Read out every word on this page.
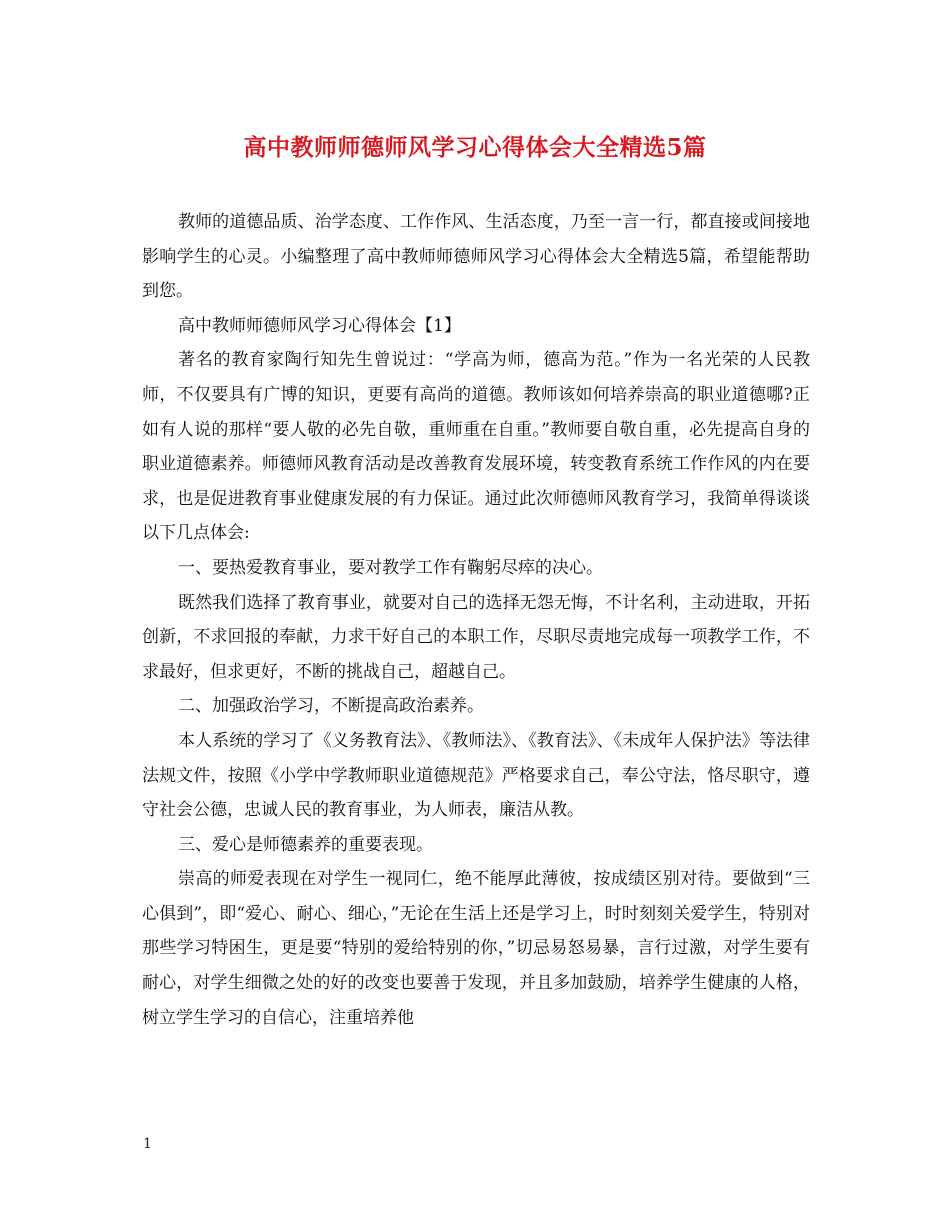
高中教师师德师风学习心得体会大全精选5篇

教师的道德品质、治学态度、工作作风、生活态度，乃至一言一行，都直接或间接地影响学生的心灵。小编整理了高中教师师德师风学习心得体会大全精选5篇，希望能帮助到您。

高中教师师德师风学习心得体会【1】

著名的教育家陶行知先生曾说过：“学高为师，德高为范。”作为一名光荣的人民教师，不仅要具有广博的知识，更要有高尚的道德。教师该如何培养崇高的职业道德哪?正如有人说的那样“要人敬的必先自敬，重师重在自重。”教师要自敬自重，必先提高自身的职业道德素养。师德师风教育活动是改善教育发展环境，转变教育系统工作作风的内在要求，也是促进教育事业健康发展的有力保证。通过此次师德师风教育学习，我简单得谈谈以下几点体会:

一、要热爱教育事业，要对教学工作有鞠躬尽瘁的决心。

既然我们选择了教育事业，就要对自己的选择无怨无悔，不计名利，主动进取，开拓创新，不求回报的奉献，力求干好自己的本职工作，尽职尽责地完成每一项教学工作，不求最好，但求更好，不断的挑战自己，超越自己。

二、加强政治学习，不断提高政治素养。

本人系统的学习了《义务教育法》、《教师法》、《教育法》、《未成年人保护法》等法律法规文件，按照《小学中学教师职业道德规范》严格要求自己，奉公守法，恪尽职守，遵守社会公德，忠诚人民的教育事业，为人师表，廉洁从教。

三、爱心是师德素养的重要表现。

崇高的师爱表现在对学生一视同仁，绝不能厚此薄彼，按成绩区别对待。要做到“三心俱到”，即“爱心、耐心、细心，”无论在生活上还是学习上，时时刻刻关爱学生，特别对那些学习特困生，更是要“特别的爱给特别的你，”切忌易怒易暴，言行过激，对学生要有耐心，对学生细微之处的好的改变也要善于发现，并且多加鼓励，培养学生健康的人格，树立学生学习的自信心，注重培养他

1
